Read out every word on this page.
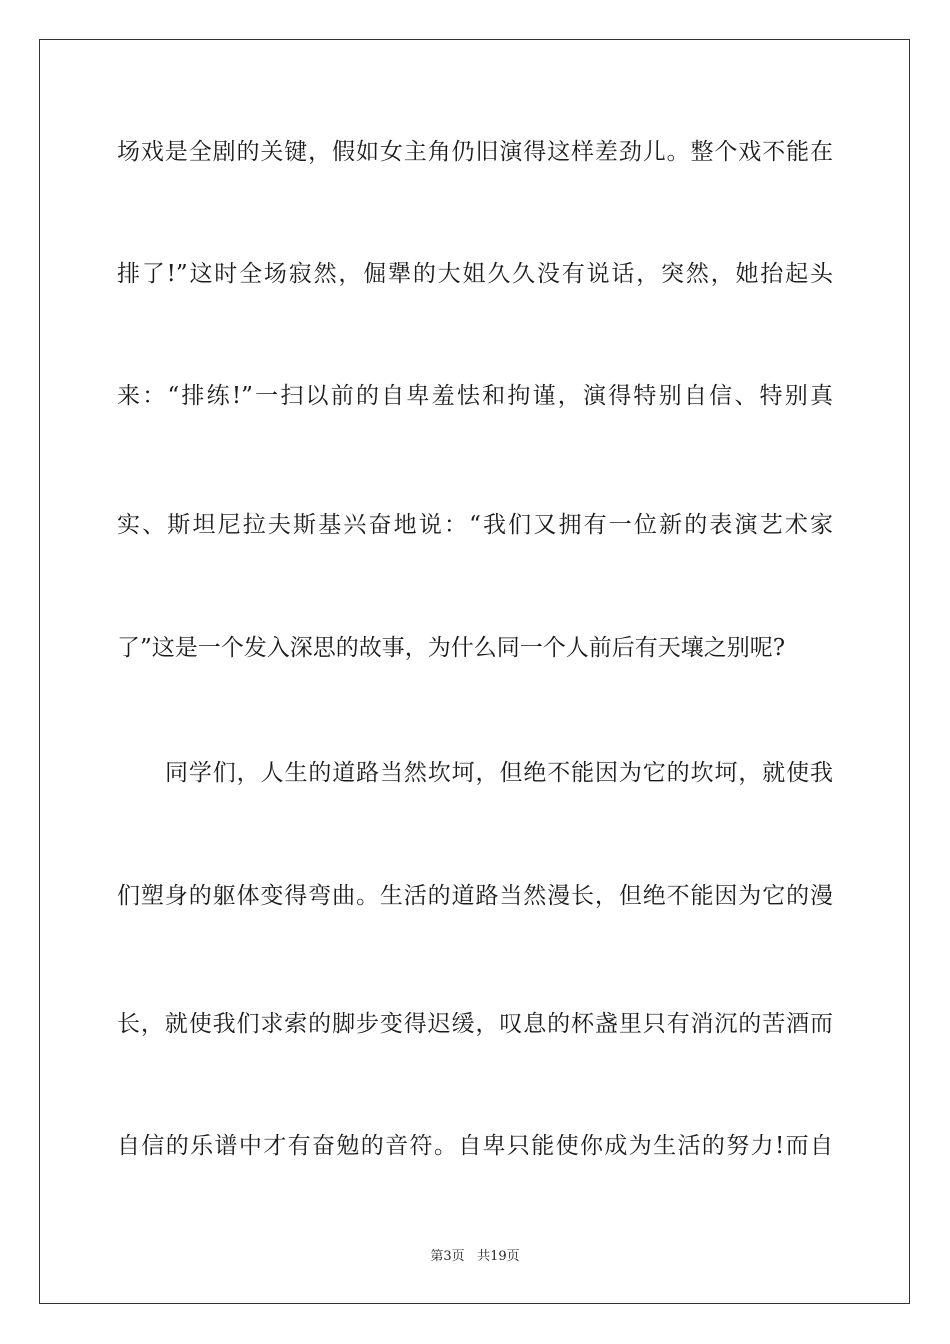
场戏是全剧的关键，假如女主角仍旧演得这样差劲儿。整个戏不能在
排了!”这时全场寂然，倔犟的大姐久久没有说话，突然，她抬起头
来：“排练!”一扫以前的自卑羞怯和拘谨，演得特别自信、特别真
实、斯坦尼拉夫斯基兴奋地说：“我们又拥有一位新的表演艺术家
了”这是一个发入深思的故事，为什么同一个人前后有天壤之别呢?
同学们，人生的道路当然坎坷，但绝不能因为它的坎坷，就使我
们塑身的躯体变得弯曲。生活的道路当然漫长，但绝不能因为它的漫
长，就使我们求索的脚步变得迟缓，叹息的杯盏里只有消沉的苦酒而
自信的乐谱中才有奋勉的音符。自卑只能使你成为生活的努力!而自
第3页 共19页
